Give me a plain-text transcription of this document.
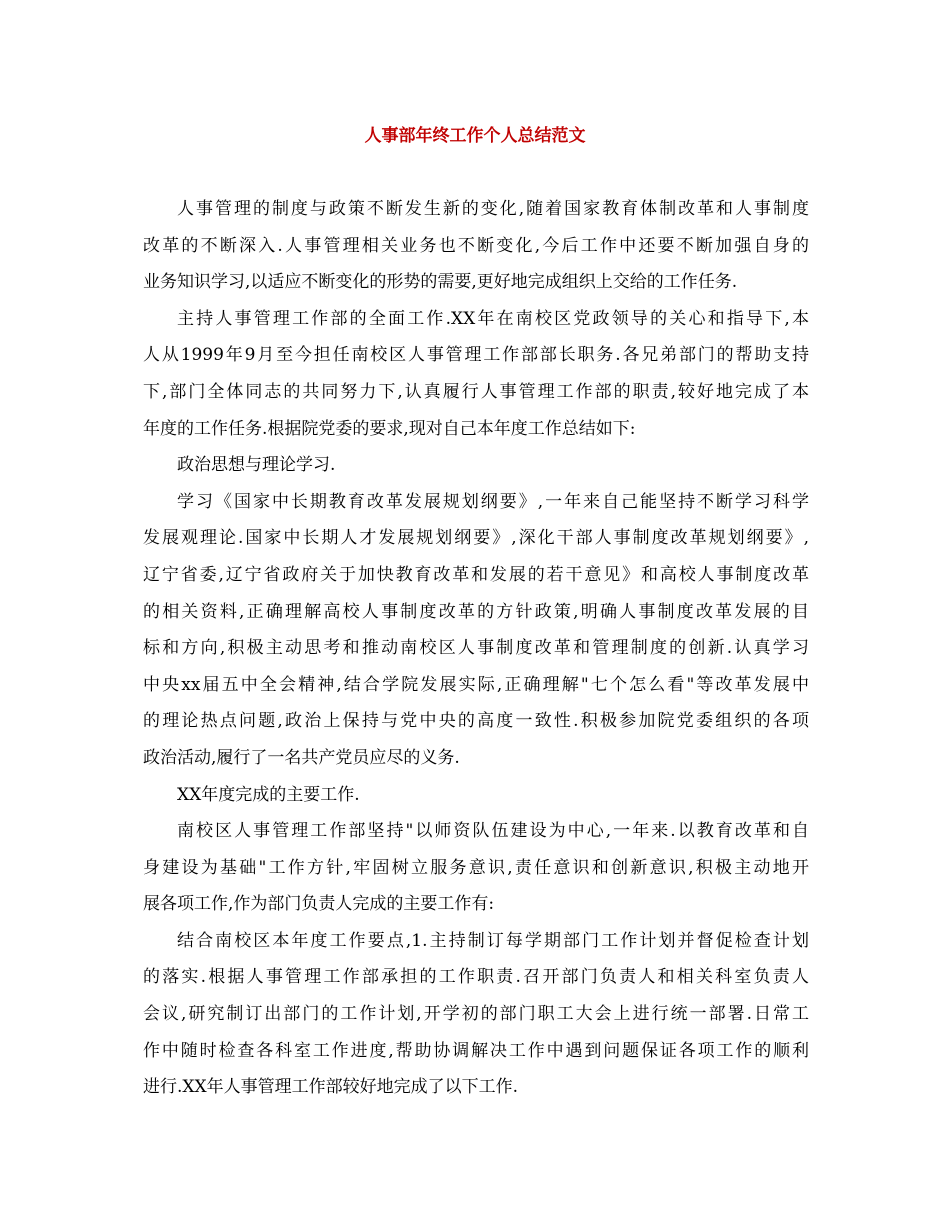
人事部年终工作个人总结范文

人事管理的制度与政策不断发生新的变化,随着国家教育体制改革和人事制度
改革的不断深入.人事管理相关业务也不断变化,今后工作中还要不断加强自身的
业务知识学习,以适应不断变化的形势的需要,更好地完成组织上交给的工作任务.

主持人事管理工作部的全面工作.XX年在南校区党政领导的关心和指导下,本
人从1999年9月至今担任南校区人事管理工作部部长职务.各兄弟部门的帮助支持
下,部门全体同志的共同努力下,认真履行人事管理工作部的职责,较好地完成了本
年度的工作任务.根据院党委的要求,现对自己本年度工作总结如下:

政治思想与理论学习.

学习《国家中长期教育改革发展规划纲要》,一年来自己能坚持不断学习科学
发展观理论.国家中长期人才发展规划纲要》,深化干部人事制度改革规划纲要》,
辽宁省委,辽宁省政府关于加快教育改革和发展的若干意见》和高校人事制度改革
的相关资料,正确理解高校人事制度改革的方针政策,明确人事制度改革发展的目
标和方向,积极主动思考和推动南校区人事制度改革和管理制度的创新.认真学习
中央xx届五中全会精神,结合学院发展实际,正确理解"七个怎么看"等改革发展中
的理论热点问题,政治上保持与党中央的高度一致性.积极参加院党委组织的各项
政治活动,履行了一名共产党员应尽的义务.

XX年度完成的主要工作.

南校区人事管理工作部坚持"以师资队伍建设为中心,一年来.以教育改革和自
身建设为基础"工作方针,牢固树立服务意识,责任意识和创新意识,积极主动地开
展各项工作,作为部门负责人完成的主要工作有:

结合南校区本年度工作要点,1.主持制订每学期部门工作计划并督促检查计划
的落实.根据人事管理工作部承担的工作职责.召开部门负责人和相关科室负责人
会议,研究制订出部门的工作计划,开学初的部门职工大会上进行统一部署.日常工
作中随时检查各科室工作进度,帮助协调解决工作中遇到问题保证各项工作的顺利
进行.XX年人事管理工作部较好地完成了以下工作.
